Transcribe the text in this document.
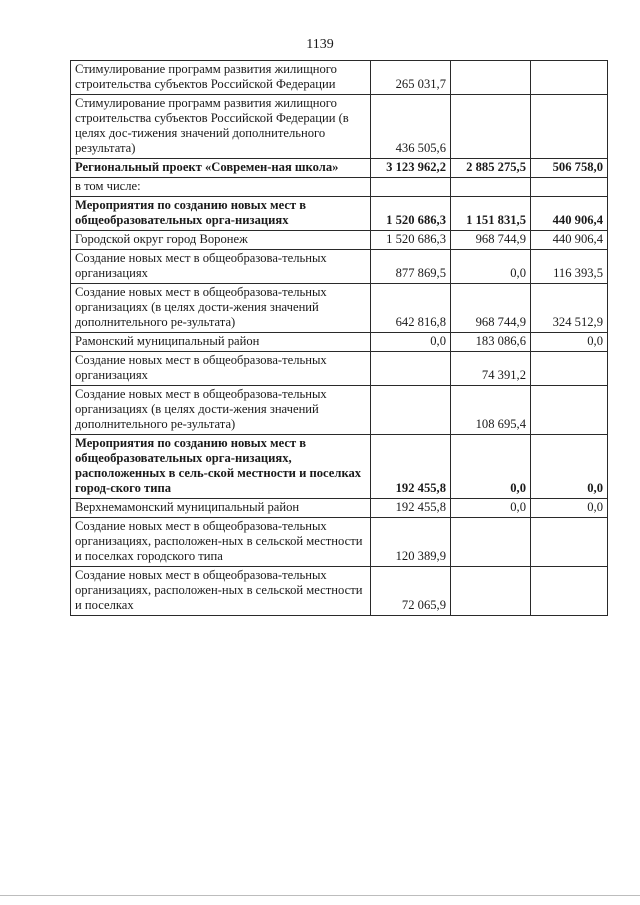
1139
Стимулирование программ развития жилищного строительства субъектов Российской Федерации	265 031,7		
Стимулирование программ развития жилищного строительства субъектов Российской Федерации (в целях дос-тижения значений дополнительного результата)	436 505,6		
Региональный проект «Современ-ная школа»	3 123 962,2	2 885 275,5	506 758,0
в том числе:			
Мероприятия по созданию новых мест в общеобразовательных орга-низациях	1 520 686,3	1 151 831,5	440 906,4
Городской округ город Воронеж	1 520 686,3	968 744,9	440 906,4
Создание новых мест в общеобразова-тельных организациях	877 869,5	0,0	116 393,5
Создание новых мест в общеобразова-тельных организациях (в целях дости-жения значений дополнительного ре-зультата)	642 816,8	968 744,9	324 512,9
Рамонский муниципальный район	0,0	183 086,6	0,0
Создание новых мест в общеобразова-тельных организациях		74 391,2	
Создание новых мест в общеобразова-тельных организациях (в целях дости-жения значений дополнительного ре-зультата)		108 695,4	
Мероприятия по созданию новых мест в общеобразовательных орга-низациях, расположенных в сель-ской местности и поселках город-ского типа	192 455,8	0,0	0,0
Верхнемамонский муниципальный район	192 455,8	0,0	0,0
Создание новых мест в общеобразова-тельных организациях, расположен-ных в сельской местности и поселках городского типа	120 389,9		
Создание новых мест в общеобразова-тельных организациях, расположен-ных в сельской местности и поселках	72 065,9		
